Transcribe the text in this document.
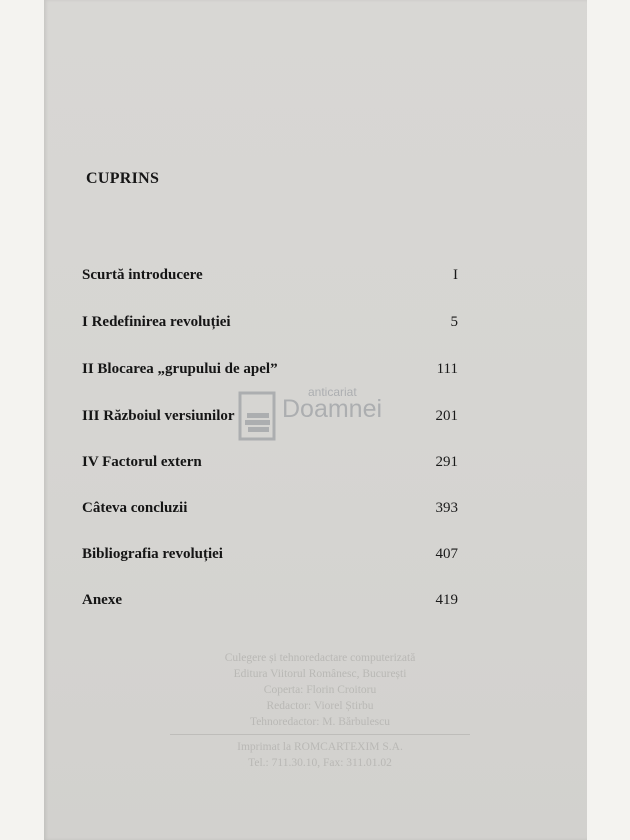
CUPRINS
Scurtă introducere	I
I Redefinirea revoluției	5
II Blocarea „grupului de apel”	111
III Războiul versiunilor	201
IV Factorul extern	291
Câteva concluzii	393
Bibliografia revoluției	407
Anexe	419
anticariat
Doamnei
Culegere și tehnoredactare computerizată
Editura Viitorul Românesc, București
Coperta: Florin Croitoru
Redactor: Viorel Știrbu
Tehnoredactor: M. Bărbulescu
Imprimat la ROMCARTEXIM S.A.
Tel.: 711.30.10, Fax: 311.01.02
